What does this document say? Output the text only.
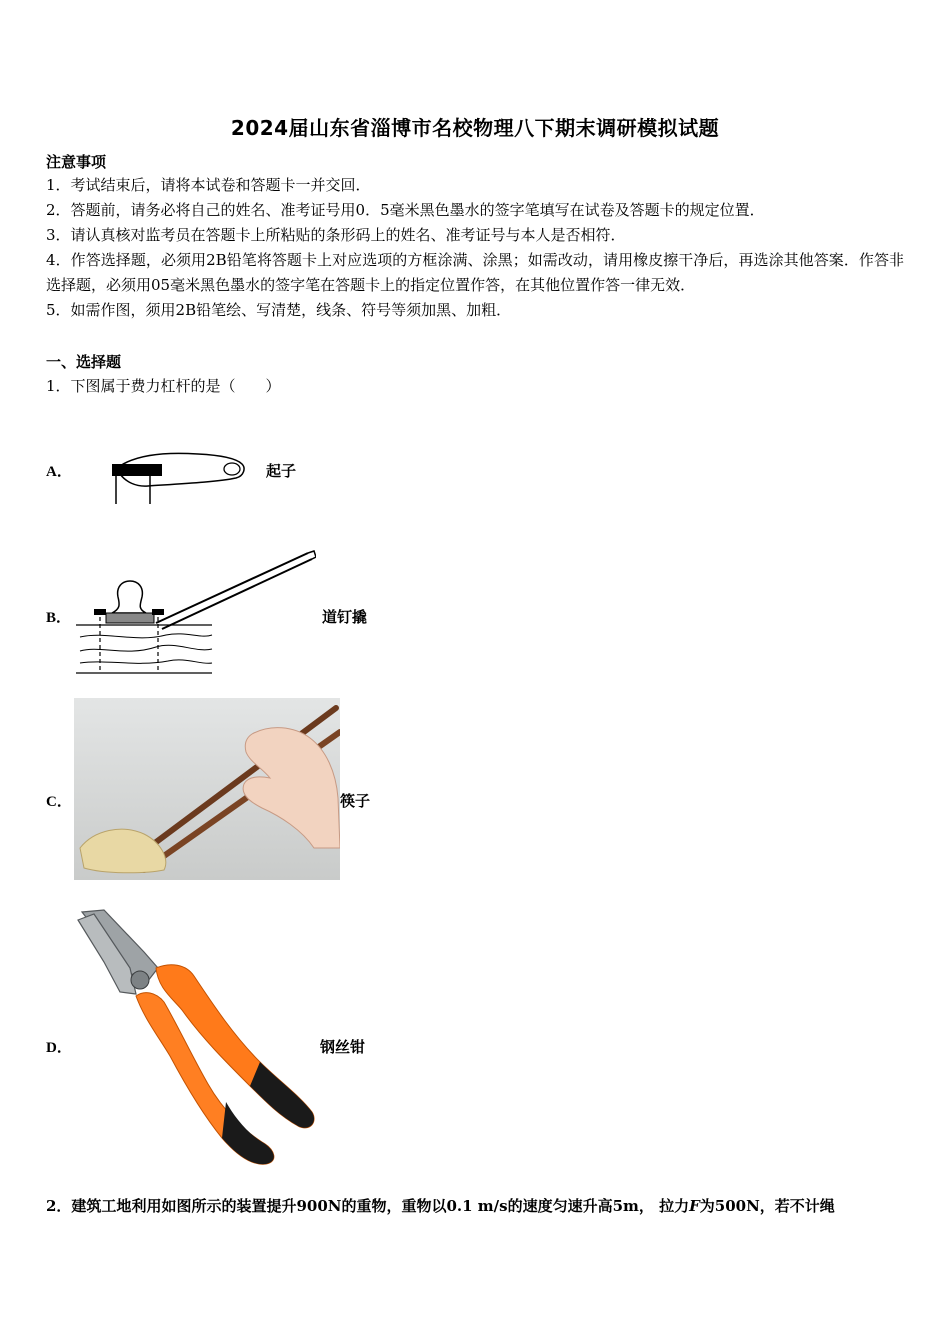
2024届山东省淄博市名校物理八下期末调研模拟试题
注意事项
1．考试结束后，请将本试卷和答题卡一并交回．
2．答题前，请务必将自己的姓名、准考证号用0．5毫米黑色墨水的签字笔填写在试卷及答题卡的规定位置．
3．请认真核对监考员在答题卡上所粘贴的条形码上的姓名、准考证号与本人是否相符．
4．作答选择题，必须用2B铅笔将答题卡上对应选项的方框涂满、涂黑；如需改动，请用橡皮擦干净后，再选涂其他答案．作答非选择题，必须用05毫米黑色墨水的签字笔在答题卡上的指定位置作答，在其他位置作答一律无效．
5．如需作图，须用2B铅笔绘、写清楚，线条、符号等须加黑、加粗．
一、选择题
1．下图属于费力杠杆的是（　　）
A．	起子
B．	道钉撬
C．	筷子
D．	钢丝钳
2．建筑工地利用如图所示的装置提升900N的重物，重物以0.1 m/s的速度匀速升高5m， 拉力F为500N，若不计绳
